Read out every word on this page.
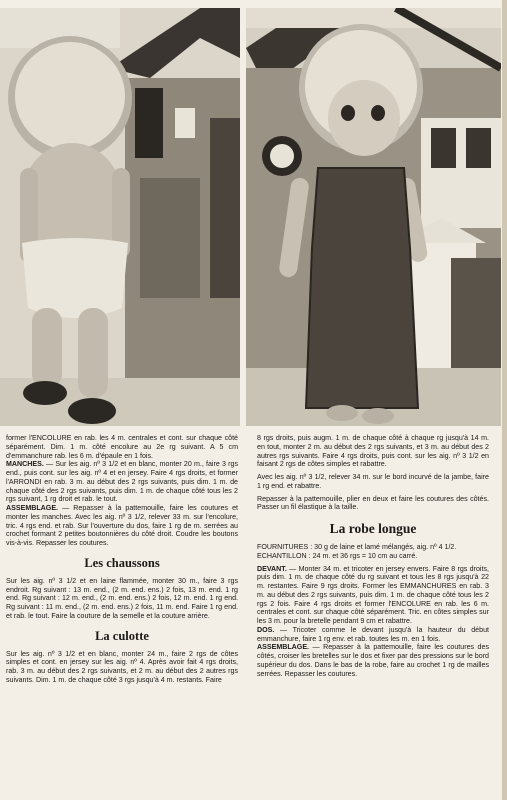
former l'ENCOLURE en rab. les 4 m. centrales et cont. sur chaque côté séparément. Dim. 1 m. côté encolure au 2e rg suivant. A 5 cm d'emmanchure rab. les 6 m. d'épaule en 1 fois.

MANCHES. — Sur les aig. nº 3 1/2 et en blanc, monter 20 m., faire 3 rgs end., puis cont. sur les aig. nº 4 et en jersey. Faire 4 rgs droits, et former l'ARRONDI en rab. 3 m. au début des 2 rgs suivants, puis dim. 1 m. de chaque côté des 2 rgs suivants, puis dim. 1 m. de chaque côté tous les 2 rgs suivant, 1 rg droit et rab. le tout.

ASSEMBLAGE. — Repasser à la pattemouille, faire les coutures et monter les manches. Avec les aig. nº 3 1/2, relever 33 m. sur l'encolure, tric. 4 rgs end. et rab. Sur l'ouverture du dos, faire 1 rg de m. serrées au crochet formant 2 petites boutonnières du côté droit. Coudre les boutons vis-à-vis. Repasser les coutures.

Les chaussons

Sur les aig. nº 3 1/2 et en laine flammée, monter 30 m., faire 3 rgs endroit. Rg suivant : 13 m. end., (2 m. end. ens.) 2 fois, 13 m. end. 1 rg end. Rg suivant : 12 m. end., (2 m. end. ens.) 2 fois, 12 m. end. 1 rg end. Rg suivant : 11 m. end., (2 m. end. ens.) 2 fois, 11 m. end. Faire 1 rg end. et rab. le tout. Faire la couture de la semelle et la couture arrière.

La culotte

Sur les aig. nº 3 1/2 et en blanc, monter 24 m., faire 2 rgs de côtes simples et cont. en jersey sur les aig. nº 4. Après avoir fait 4 rgs droits, rab. 3 m. au début des 2 rgs suivants, et 2 m. au début des 2 autres rgs suivants. Dim. 1 m. de chaque côté 3 rgs jusqu'à 4 m. restants. Faire

8 rgs droits, puis augm. 1 m. de chaque côté à chaque rg jusqu'à 14 m. en tout, monter 2 m. au début des 2 rgs suivants, et 3 m. au début des 2 autres rgs suivants. Faire 4 rgs droits, puis cont. sur les aig. nº 3 1/2 en faisant 2 rgs de côtes simples et rabattre.

Avec les aig. nº 3 1/2, relever 34 m. sur le bord incurvé de la jambe, faire 1 rg end. et rabattre.

Repasser à la pattemouille, plier en deux et faire les coutures des côtés. Passer un fil élastique à la taille.

La robe longue

FOURNITURES : 30 g de laine et lamé mélangés, aig. nº 4 1/2.

ECHANTILLON : 24 m. et 36 rgs = 10 cm au carré.

DEVANT. — Monter 34 m. et tricoter en jersey envers. Faire 8 rgs droits, puis dim. 1 m. de chaque côté du rg suivant et tous les 8 rgs jusqu'à 22 m. restantes. Faire 9 rgs droits. Former les EMMANCHURES en rab. 3 m. au début des 2 rgs suivants, puis dim. 1 m. de chaque côté tous les 2 rgs 2 fois. Faire 4 rgs droits et former l'ENCOLURE en rab. les 6 m. centrales et cont. sur chaque côté séparément. Tric. en côtes simples sur les 3 m. pour la bretelle pendant 9 cm et rabattre.

DOS. — Tricoter comme le devant jusqu'à la hauteur du début emmanchure, faire 1 rg env. et rab. toutes les m. en 1 fois.

ASSEMBLAGE. — Repasser à la pattemouille, faire les coutures des côtés, croiser les bretelles sur le dos et fixer par des pressions sur le bord supérieur du dos. Dans le bas de la robe, faire au crochet 1 rg de mailles serrées. Repasser les coutures.
